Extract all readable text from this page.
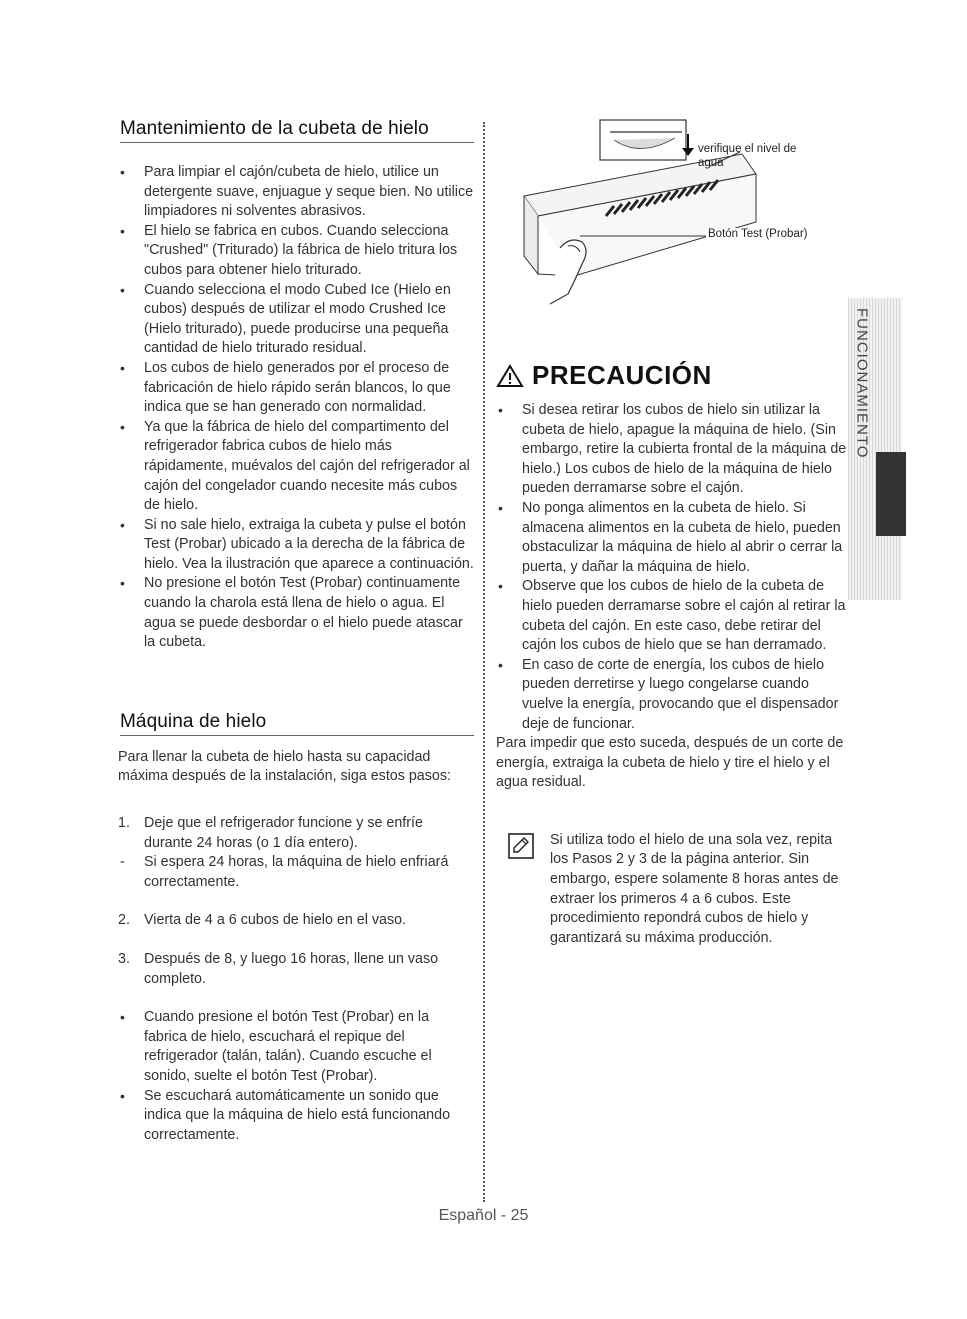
Mantenimiento de la cubeta de hielo
• Para limpiar el cajón/cubeta de hielo, utilice un detergente suave, enjuague y seque bien. No utilice limpiadores ni solventes abrasivos.
• El hielo se fabrica en cubos. Cuando selecciona "Crushed" (Triturado) la fábrica de hielo tritura los cubos para obtener hielo triturado.
• Cuando selecciona el modo Cubed Ice (Hielo en cubos) después de utilizar el modo Crushed Ice (Hielo triturado), puede producirse una pequeña cantidad de hielo triturado residual.
• Los cubos de hielo generados por el proceso de fabricación de hielo rápido serán blancos, lo que indica que se han generado con normalidad.
• Ya que la fábrica de hielo del compartimento del refrigerador fabrica cubos de hielo más rápidamente, muévalos del cajón del refrigerador al cajón del congelador cuando necesite más cubos de hielo.
• Si no sale hielo, extraiga la cubeta y pulse el botón Test (Probar) ubicado a la derecha de la fábrica de hielo. Vea la ilustración que aparece a continuación.
• No presione el botón Test (Probar) continuamente cuando la charola está llena de hielo o agua. El agua se puede desbordar o el hielo puede atascar la cubeta.
Máquina de hielo

Para llenar la cubeta de hielo hasta su capacidad máxima después de la instalación, siga estos pasos:

1. Deje que el refrigerador funcione y se enfríe durante 24 horas (o 1 día entero).
- Si espera 24 horas, la máquina de hielo enfriará correctamente.
2. Vierta de 4 a 6 cubos de hielo en el vaso.
3. Después de 8, y luego 16 horas, llene un vaso completo.
• Cuando presione el botón Test (Probar) en la fabrica de hielo, escuchará el repique del refrigerador (talán, talán). Cuando escuche el sonido, suelte el botón Test (Probar).
• Se escuchará automáticamente un sonido que indica que la máquina de hielo está funcionando correctamente.
verifique el nivel de agua
Botón Test (Probar)
PRECAUCIÓN
• Si desea retirar los cubos de hielo sin utilizar la cubeta de hielo, apague la máquina de hielo. (Sin embargo, retire la cubierta frontal de la máquina de hielo.) Los cubos de hielo de la máquina de hielo pueden derramarse sobre el cajón.
• No ponga alimentos en la cubeta de hielo. Si almacena alimentos en la cubeta de hielo, pueden obstaculizar la máquina de hielo al abrir o cerrar la puerta, y dañar la máquina de hielo.
• Observe que los cubos de hielo de la cubeta de hielo pueden derramarse sobre el cajón al retirar la cubeta del cajón. En este caso, debe retirar del cajón los cubos de hielo que se han derramado.
• En caso de corte de energía, los cubos de hielo pueden derretirse y luego congelarse cuando vuelve la energía, provocando que el dispensador deje de funcionar.

Para impedir que esto suceda, después de un corte de energía, extraiga la cubeta de hielo y tire el hielo y el agua residual.

Si utiliza todo el hielo de una sola vez, repita los Pasos 2 y 3 de la página anterior. Sin embargo, espere solamente 8 horas antes de extraer los primeros 4 a 6 cubos. Este procedimiento repondrá cubos de hielo y garantizará su máxima producción.

FUNCIONAMIENTO
Español - 25
